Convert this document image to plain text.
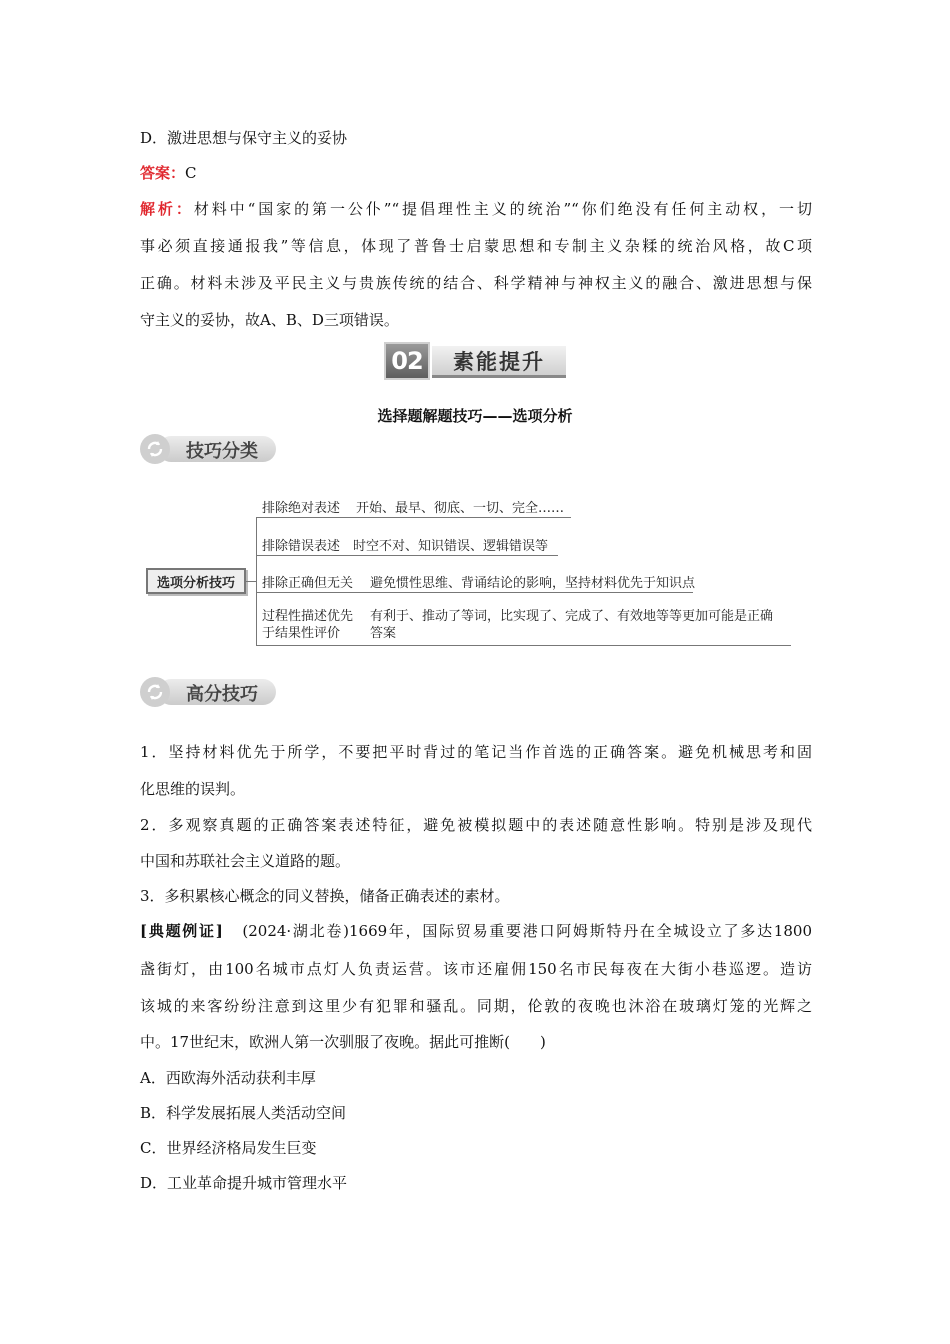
D．激进思想与保守主义的妥协
答案：C
解析：材料中“国家的第一公仆”“提倡理性主义的统治”“你们绝没有任何主动权，一切
事必须直接通报我”等信息，体现了普鲁士启蒙思想和专制主义杂糅的统治风格，故C项
正确。材料未涉及平民主义与贵族传统的结合、科学精神与神权主义的融合、激进思想与保
守主义的妥协，故A、B、D三项错误。
02	素能提升
选择题解题技巧——选项分析
技巧分类
选项分析技巧
排除绝对表述 开始、最早、彻底、一切、完全……
排除错误表述 时空不对、知识错误、逻辑错误等
排除正确但无关 避免惯性思维、背诵结论的影响，坚持材料优先于知识点
过程性描述优先
于结果性评价
有利于、推动了等词，比实现了、完成了、有效地等等更加可能是正确
答案
高分技巧
1．坚持材料优先于所学，不要把平时背过的笔记当作首选的正确答案。避免机械思考和固
化思维的误判。
2．多观察真题的正确答案表述特征，避免被模拟题中的表述随意性影响。特别是涉及现代
中国和苏联社会主义道路的题。
3．多积累核心概念的同义替换，储备正确表述的素材。
[典题例证] (2024·湖北卷)1669年，国际贸易重要港口阿姆斯特丹在全城设立了多达1800
盏街灯，由100名城市点灯人负责运营。该市还雇佣150名市民每夜在大街小巷巡逻。造访
该城的来客纷纷注意到这里少有犯罪和骚乱。同期，伦敦的夜晚也沐浴在玻璃灯笼的光辉之
中。17世纪末，欧洲人第一次驯服了夜晚。据此可推断(　　)
A．西欧海外活动获利丰厚
B．科学发展拓展人类活动空间
C．世界经济格局发生巨变
D．工业革命提升城市管理水平
